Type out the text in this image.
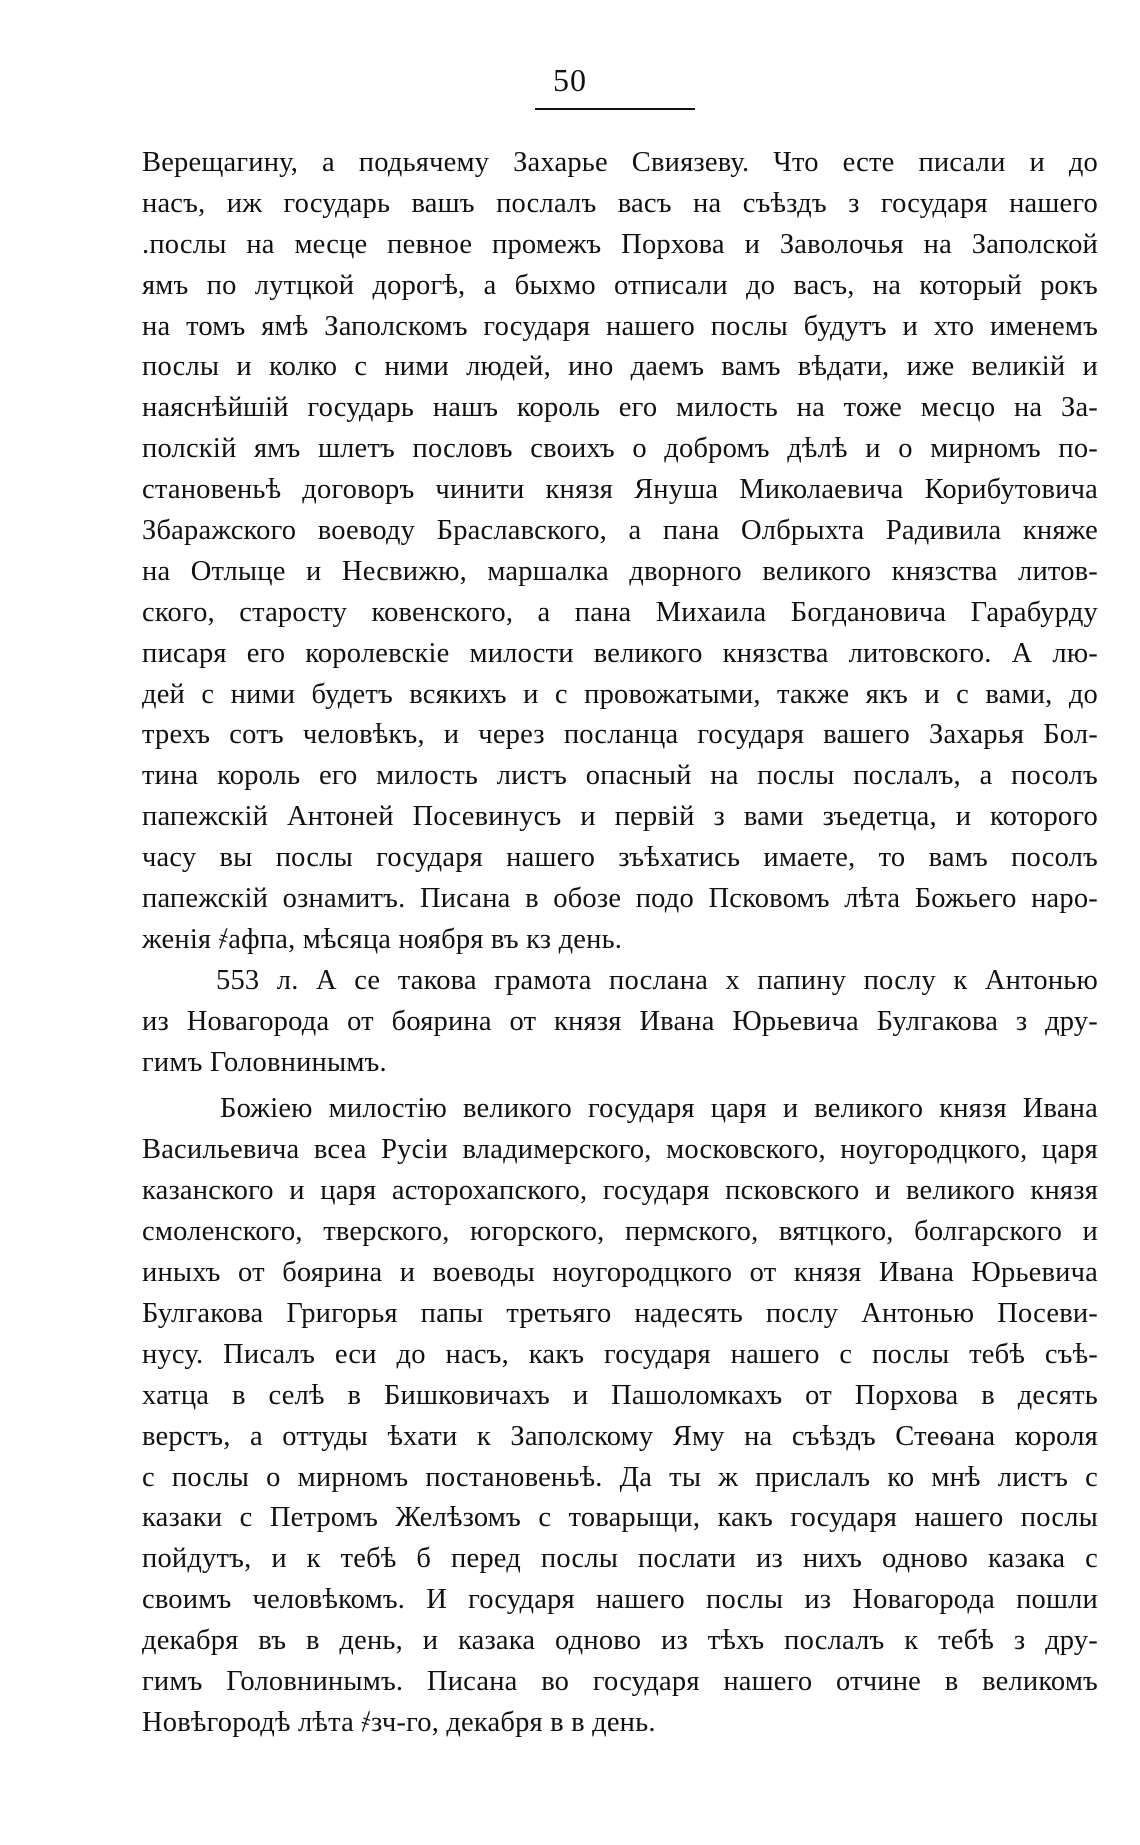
50
Верещагину, а подьячему Захарье Свиязеву. Что есте писали и до
насъ, иж государь вашъ послалъ васъ на съѣздъ з государя нашего
.послы на месце певное промежъ Порхова и Заволочья на Заполской
ямъ по лутцкой дорогѣ, а быхмо отписали до васъ, на который рокъ
на томъ ямѣ Заполскомъ государя нашего послы будутъ и хто именемъ
послы и колко с ними людей, ино даемъ вамъ вѣдати, иже великій и
наяснѣйшій государь нашъ король его милость на тоже месцо на За-
полскій ямъ шлетъ пословъ своихъ о добромъ дѣлѣ и о мирномъ по-
становеньѣ договоръ чинити князя Януша Миколаевича Корибутовича
Збаражского воеводу Браславского, а пана Олбрыхта Радивила княже
на Отлыце и Несвижю, маршалка дворного великого князства литов-
ского, старосту ковенского, а пана Михаила Богдановича Гарабурду
писаря его королевскіе милости великого князства литовского. А лю-
дей с ними будетъ всякихъ и с провожатыми, также якъ и с вами, до
трехъ сотъ человѣкъ, и через посланца государя вашего Захарья Бол-
тина король его милость листъ опасный на послы послалъ, а посолъ
папежскій Антоней Посевинусъ и первій з вами зъедетца, и которого
часу вы послы государя нашего зъѣхатись имаете, то вамъ посолъ
папежскій ознамитъ. Писана в обозе подо Псковомъ лѣта Божьего наро-
женія ҂афпа, мѣсяца ноября въ кз день.
553 л. А се такова грамота послана х папину послу к Антонью
из Новагорода от боярина от князя Ивана Юрьевича Булгакова з дру-
гимъ Головнинымъ.
Божіею милостію великого государя царя и великого князя Ивана
Васильевича всеа Русіи владимерского, московского, ноугородцкого, царя
казанского и царя асторохапского, государя псковского и великого князя
смоленского, тверского, югорского, пермского, вятцкого, болгарского и
иныхъ от боярина и воеводы ноугородцкого от князя Ивана Юрьевича
Булгакова Григорья папы третьяго надесять послу Антонью Посеви-
нусу. Писалъ еси до насъ, какъ государя нашего с послы тебѣ съѣ-
хатца в селѣ в Бишковичахъ и Пашоломкахъ от Порхова в десять
верстъ, а оттуды ѣхати к Заполскому Яму на съѣздъ Стеѳана короля
с послы о мирномъ постановеньѣ. Да ты ж прислалъ ко мнѣ листъ с
казаки с Петромъ Желѣзомъ с товарыщи, какъ государя нашего послы
пойдутъ, и к тебѣ б перед послы послати из нихъ одново казака с
своимъ человѣкомъ. И государя нашего послы из Новагорода пошли
декабря въ в день, и казака одново из тѣхъ послалъ к тебѣ з дру-
гимъ Головнинымъ. Писана во государя нашего отчине в великомъ
Новѣгородѣ лѣта ҂зч-го, декабря в в день.
